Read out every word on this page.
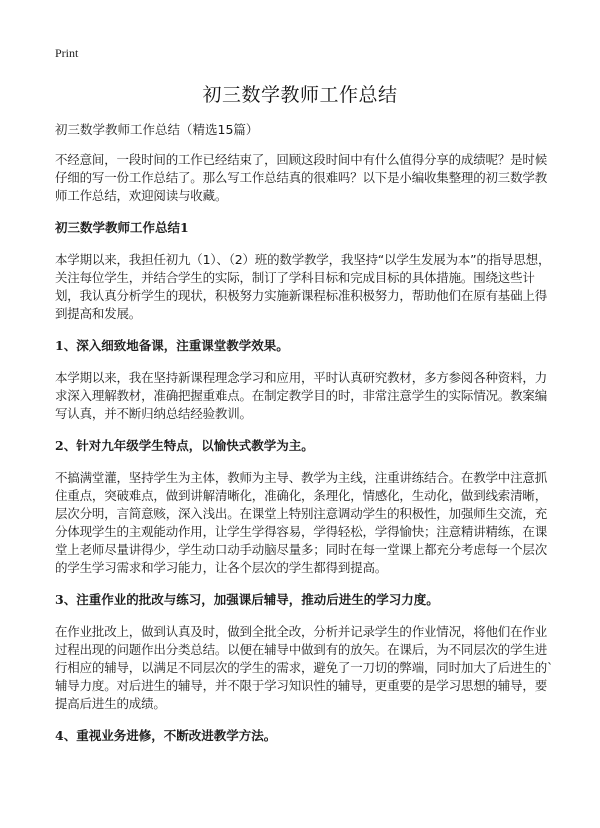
Print
初三数学教师工作总结

初三数学教师工作总结（精选15篇）

不经意间，一段时间的工作已经结束了，回顾这段时间中有什么值得分享的成绩呢？是时候仔细的写一份工作总结了。那么写工作总结真的很难吗？以下是小编收集整理的初三数学教师工作总结，欢迎阅读与收藏。

初三数学教师工作总结1

本学期以来，我担任初九（1）、（2）班的数学教学，我坚持“以学生发展为本”的指导思想，关注每位学生，并结合学生的实际，制订了学科目标和完成目标的具体措施。围绕这些计划，我认真分析学生的现状，积极努力实施新课程标准积极努力，帮助他们在原有基础上得到提高和发展。

1、深入细致地备课，注重课堂教学效果。

本学期以来，我在坚持新课程理念学习和应用，平时认真研究教材，多方参阅各种资料，力求深入理解教材，准确把握重难点。在制定教学目的时，非常注意学生的实际情况。教案编写认真，并不断归纳总结经验教训。

2、针对九年级学生特点，以愉快式教学为主。

不搞满堂灌，坚持学生为主体，教师为主导、教学为主线，注重讲练结合。在教学中注意抓住重点，突破难点，做到讲解清晰化，准确化，条理化，情感化，生动化，做到线索清晰，层次分明，言简意赅，深入浅出。在课堂上特别注意调动学生的积极性，加强师生交流，充分体现学生的主观能动作用，让学生学得容易，学得轻松，学得愉快；注意精讲精练，在课堂上老师尽量讲得少，学生动口动手动脑尽量多；同时在每一堂课上都充分考虑每一个层次的学生学习需求和学习能力，让各个层次的学生都得到提高。

3、注重作业的批改与练习，加强课后辅导，推动后进生的学习力度。

在作业批改上，做到认真及时，做到全批全改，分析并记录学生的作业情况，将他们在作业过程出现的问题作出分类总结。以便在辅导中做到有的放矢。在课后，为不同层次的学生进行相应的辅导，以满足不同层次的学生的需求，避免了一刀切的弊端，同时加大了后进生的`辅导力度。对后进生的辅导，并不限于学习知识性的辅导，更重要的是学习思想的辅导，要提高后进生的成绩。

4、重视业务进修，不断改进教学方法。
